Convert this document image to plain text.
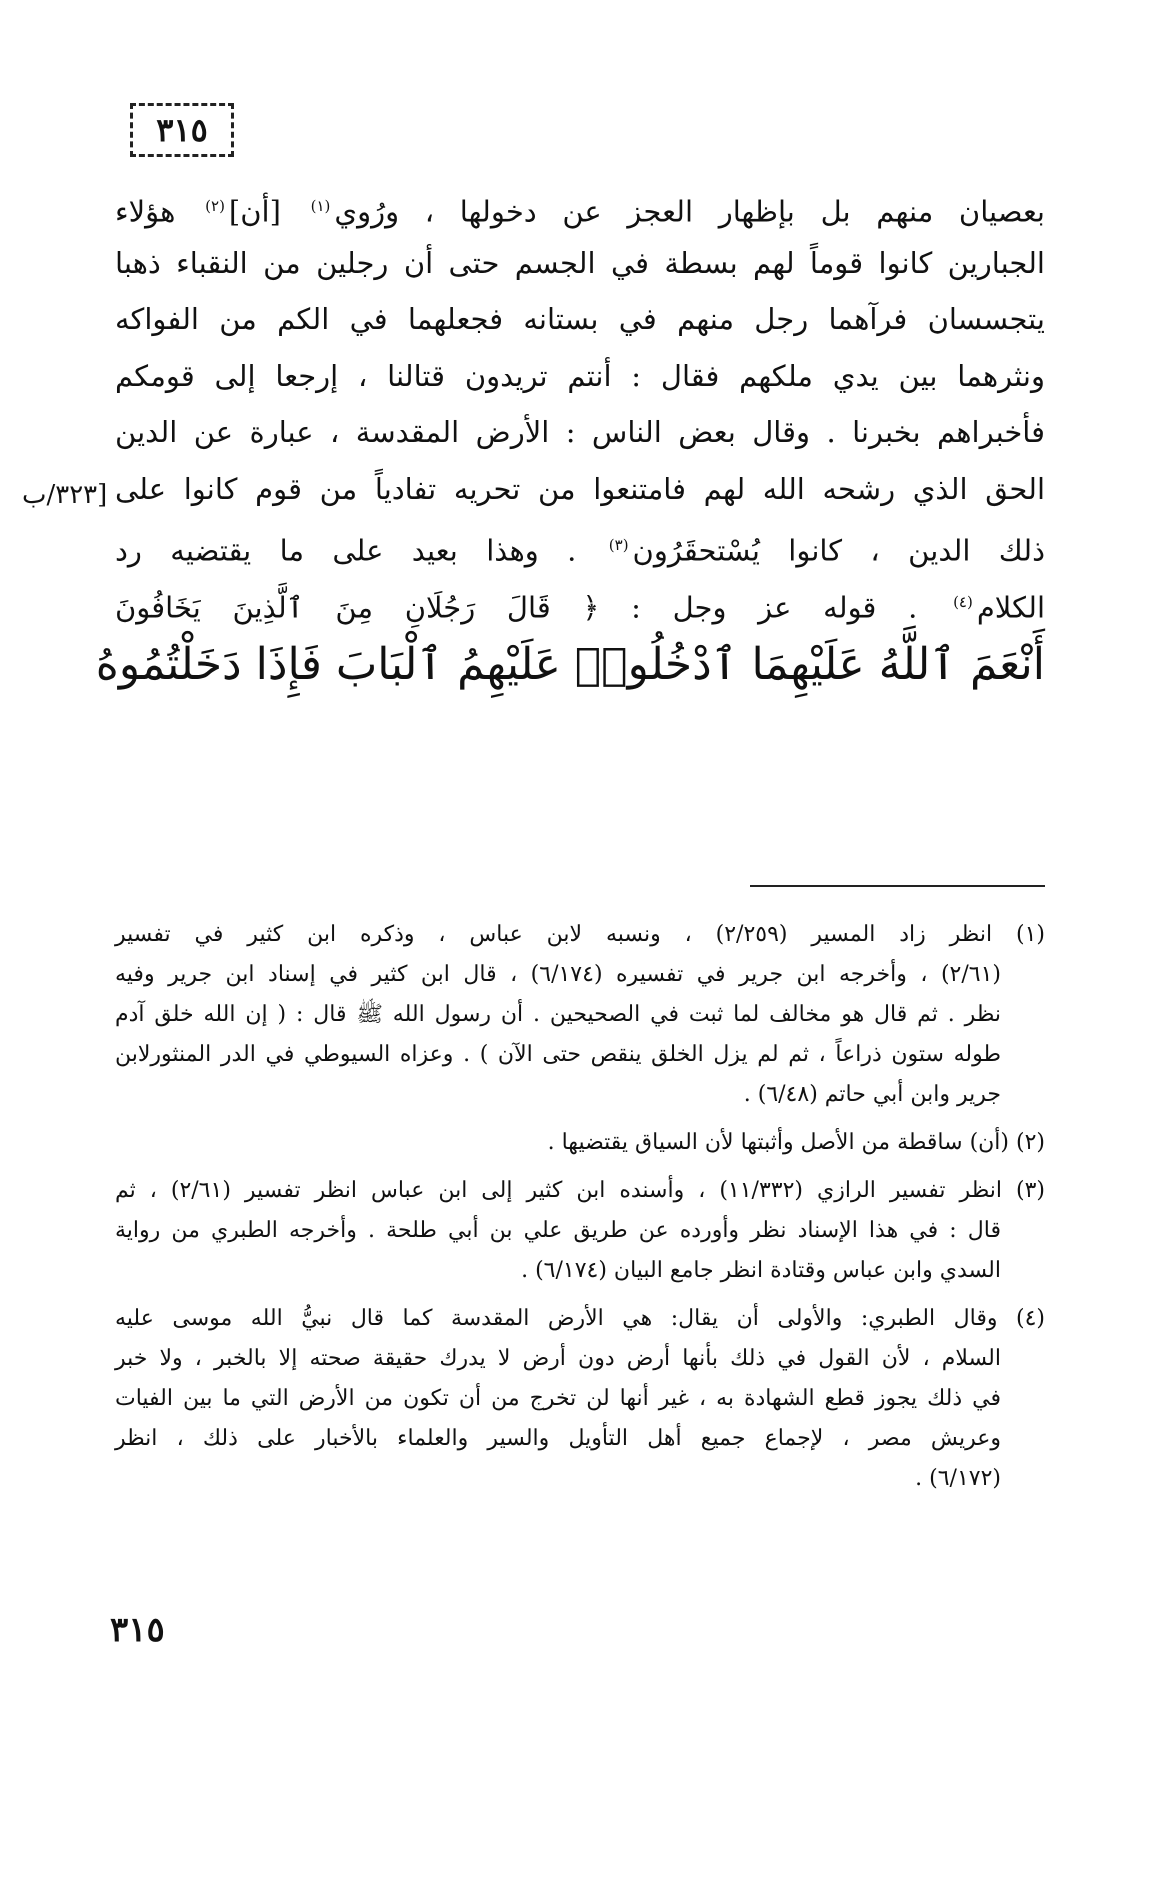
٣١٥
بعصيان منهم بل بإظهار العجز عن دخولها ، ورُوي$^{(١)}$ [أن]$^{(٢)}$ هؤلاء
الجبارين كانوا قوماً لهم بسطة في الجسم حتى أن رجلين من النقباء ذهبا
يتجسسان فرآهما رجل منهم في بستانه فجعلهما في الكم من الفواكه
ونثرهما بين يدي ملكهم فقال : أنتم تريدون قتالنا ، إرجعا إلى قومكم
فأخبراهم بخبرنا . وقال بعض الناس : الأرض المقدسة ، عبارة عن الدين
الحق الذي رشحه الله لهم فامتنعوا من تحريه تفادياً من قوم كانوا على
ذلك الدين ، كانوا يُسْتحقَرُون$^{(٣)}$ . وهذا بعيد على ما يقتضيه رد
الكلام$^{(٤)}$ . قوله عز وجل : ﴿ قَالَ رَجُلَانِ مِنَ ٱلَّذِينَ يَخَافُونَ
أَنْعَمَ ٱللَّهُ عَلَيْهِمَا ٱدْخُلُوا۟ عَلَيْهِمُ ٱلْبَابَ فَإِذَا دَخَلْتُمُوهُ
[٣٢٣/ب
(١) انظر زاد المسير (٢/٢٥٩) ، ونسبه لابن عباس ، وذكره ابن كثير في تفسير
(٢/٦١) ، وأخرجه ابن جرير في تفسيره (٦/١٧٤) ، قال ابن كثير في إسناد ابن جرير وفيه
نظر . ثم قال هو مخالف لما ثبت في الصحيحين . أن رسول الله ﷺ قال : ( إن الله خلق آدم
طوله ستون ذراعاً ، ثم لم يزل الخلق ينقص حتى الآن ) . وعزاه السيوطي في الدر المنثورلابن
جرير وابن أبي حاتم (٦/٤٨) .
(٢) (أن) ساقطة من الأصل وأثبتها لأن السياق يقتضيها .
(٣) انظر تفسير الرازي (١١/٣٣٢) ، وأسنده ابن كثير إلى ابن عباس انظر تفسير (٢/٦١) ، ثم
قال : في هذا الإسناد نظر وأورده عن طريق علي بن أبي طلحة . وأخرجه الطبري من رواية
السدي وابن عباس وقتادة انظر جامع البيان (٦/١٧٤) .
(٤) وقال الطبري: والأولى أن يقال: هي الأرض المقدسة كما قال نبيُّ الله موسى عليه
السلام ، لأن القول في ذلك بأنها أرض دون أرض لا يدرك حقيقة صحته إلا بالخبر ، ولا خبر
في ذلك يجوز قطع الشهادة به ، غير أنها لن تخرج من أن تكون من الأرض التي ما بين الفيات
وعريش مصر ، لإجماع جميع أهل التأويل والسير والعلماء بالأخبار على ذلك ، انظر
(٦/١٧٢) .
٣١٥
